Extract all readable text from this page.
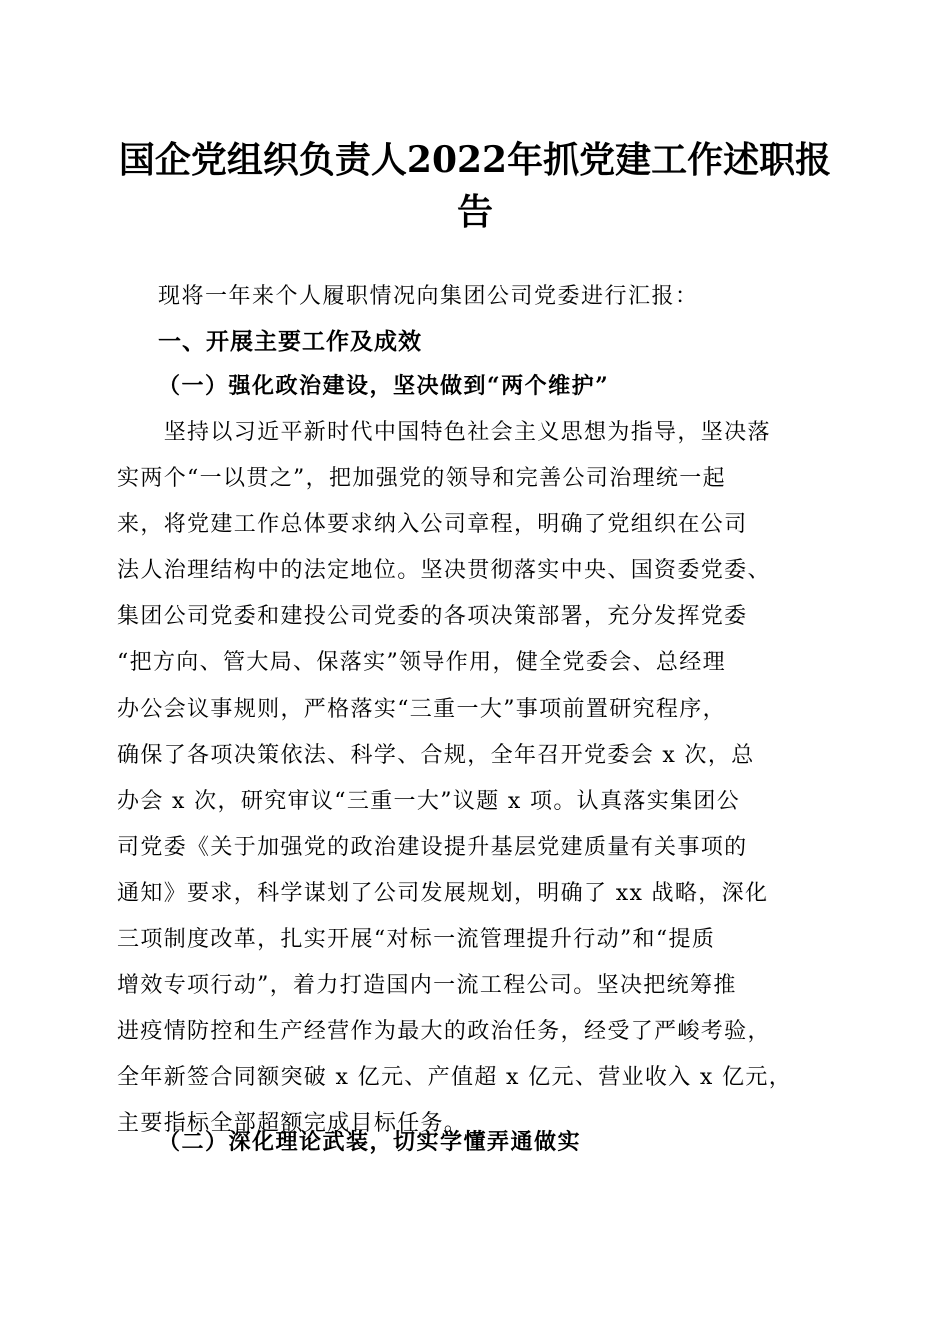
国企党组织负责人2022年抓党建工作述职报
告

现将一年来个人履职情况向集团公司党委进行汇报：

一、开展主要工作及成效
（一）强化政治建设，坚决做到“两个维护”

　　坚持以习近平新时代中国特色社会主义思想为指导，坚决落
实两个“一以贯之”，把加强党的领导和完善公司治理统一起
来，将党建工作总体要求纳入公司章程，明确了党组织在公司
法人治理结构中的法定地位。坚决贯彻落实中央、国资委党委、
集团公司党委和建投公司党委的各项决策部署，充分发挥党委
“把方向、管大局、保落实”领导作用，健全党委会、总经理
办公会议事规则，严格落实“三重一大”事项前置研究程序，
确保了各项决策依法、科学、合规，全年召开党委会 x 次，总
办会 x 次，研究审议“三重一大”议题 x 项。认真落实集团公
司党委《关于加强党的政治建设提升基层党建质量有关事项的
通知》要求，科学谋划了公司发展规划，明确了 xx 战略，深化
三项制度改革，扎实开展“对标一流管理提升行动”和“提质
增效专项行动”，着力打造国内一流工程公司。坚决把统筹推
进疫情防控和生产经营作为最大的政治任务，经受了严峻考验，
全年新签合同额突破 x 亿元、产值超 x 亿元、营业收入 x 亿元，
主要指标全部超额完成目标任务。

（二）深化理论武装，切实学懂弄通做实
